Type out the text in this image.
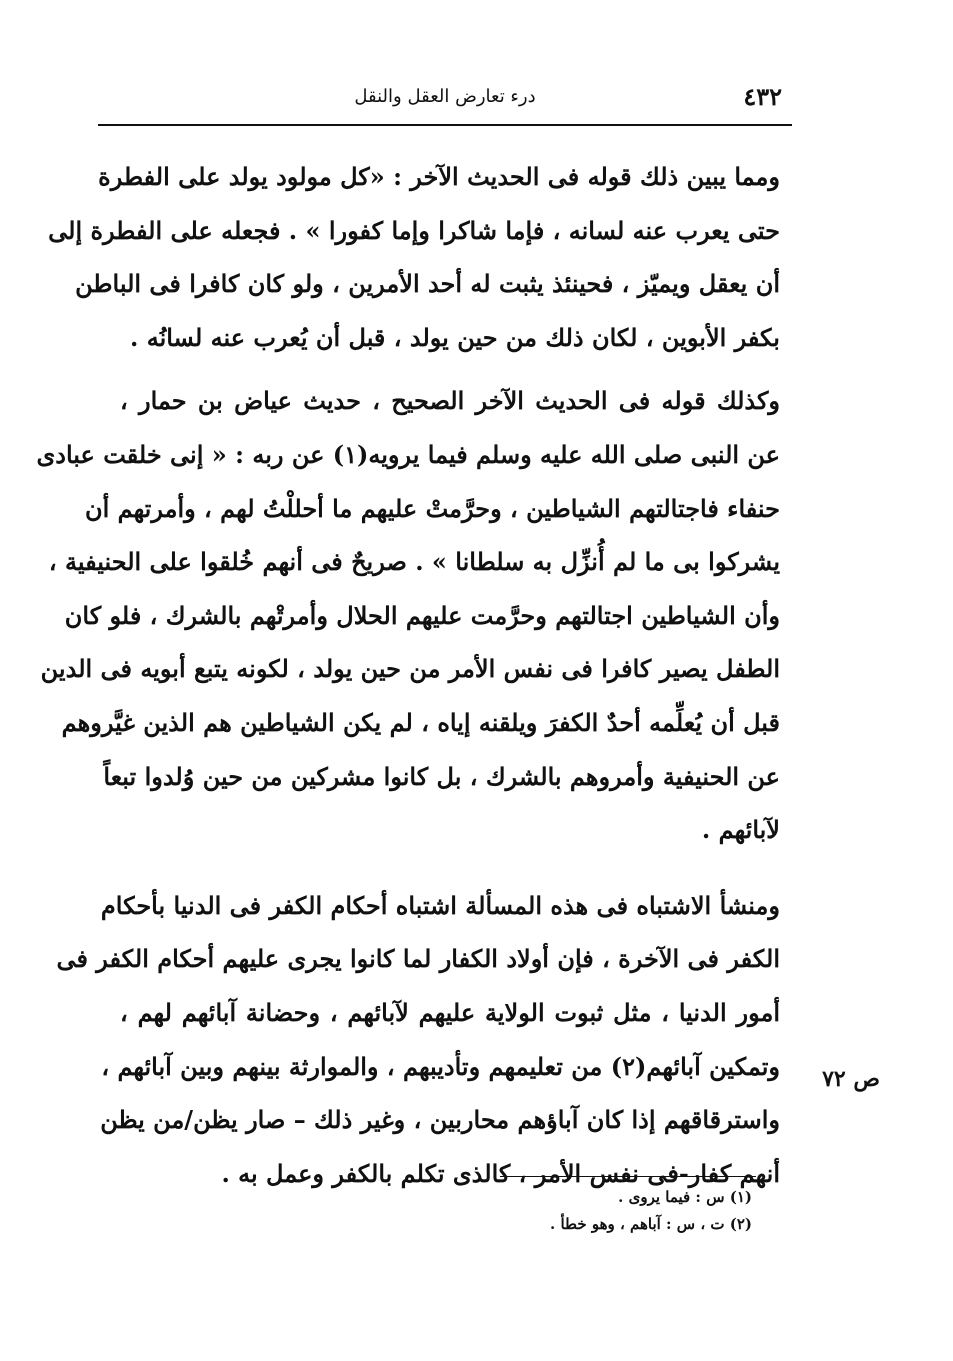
٤٣٢
درء تعارض العقل والنقل

ومما يبين ذلك قوله فى الحديث الآخر : «كل مولود يولد على الفطرة
حتى يعرب عنه لسانه ، فإما شاكرا وإما كفورا » . فجعله على الفطرة إلى
أن يعقل ويميّز ، فحينئذ يثبت له أحد الأمرين ، ولو كان كافرا فى الباطن
بكفر الأبوين ، لكان ذلك من حين يولد ، قبل أن يُعرب عنه لسانُه .

وكذلك قوله فى الحديث الآخر الصحيح ، حديث عياض بن حمار ،
عن النبى صلى الله عليه وسلم فيما يرويه(١) عن ربه : « إنى خلقت عبادى
حنفاء فاجتالتهم الشياطين ، وحرَّمتْ عليهم ما أحللْتُ لهم ، وأمرتهم أن
يشركوا بى ما لم أُنزِّل به سلطانا » . صريحٌ فى أنهم خُلقوا على الحنيفية ،
وأن الشياطين اجتالتهم وحرَّمت عليهم الحلال وأمرتْهم بالشرك ، فلو كان
الطفل يصير كافرا فى نفس الأمر من حين يولد ، لكونه يتبع أبويه فى الدين
قبل أن يُعلِّمه أحدٌ الكفرَ ويلقنه إياه ، لم يكن الشياطين هم الذين غيَّروهم
عن الحنيفية وأمروهم بالشرك ، بل كانوا مشركين من حين وُلدوا تبعاً
لآبائهم .

ومنشأ الاشتباه فى هذه المسألة اشتباه أحكام الكفر فى الدنيا بأحكام
الكفر فى الآخرة ، فإن أولاد الكفار لما كانوا يجرى عليهم أحكام الكفر فى
أمور الدنيا ، مثل ثبوت الولاية عليهم لآبائهم ، وحضانة آبائهم لهم ،
وتمكين آبائهم(٢) من تعليمهم وتأديبهم ، والموارثة بينهم وبين آبائهم ،
واسترقاقهم إذا كان آباؤهم محاربين ، وغير ذلك – صار يظن/من يظن
أنهم كفار-فى نفس الأمر ، كالذى تكلم بالكفر وعمل به .

ص ٧٢
(١) س : فيما يروى .
(٢) ت ، س : آباهم ، وهو خطأ .
